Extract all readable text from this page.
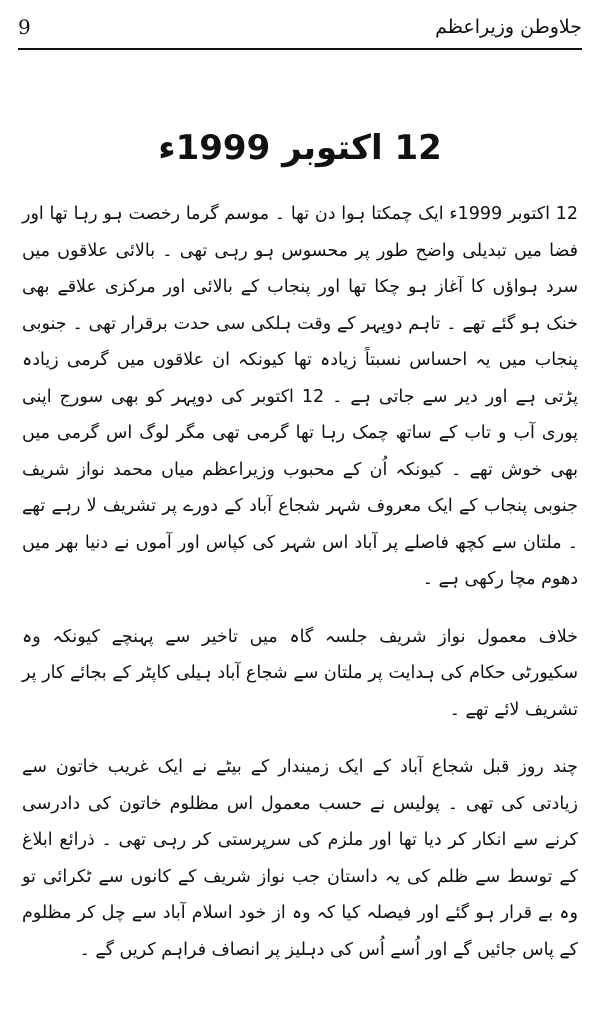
9	جلاوطن وزیراعظم
12 اکتوبر 1999ء

12 اکتوبر 1999ء ایک چمکتا ہوا دن تھا ۔ موسم گرما رخصت ہو رہا تھا اور فضا میں تبدیلی واضح طور پر محسوس ہو رہی تھی ۔ بالائی علاقوں میں سرد ہواؤں کا آغاز ہو چکا تھا اور پنجاب کے بالائی اور مرکزی علاقے بھی خنک ہو گئے تھے ۔ تاہم دوپہر کے وقت ہلکی سی حدت برقرار تھی ۔ جنوبی پنجاب میں یہ احساس نسبتاً زیادہ تھا کیونکہ ان علاقوں میں گرمی زیادہ پڑتی ہے اور دیر سے جاتی ہے ۔ 12 اکتوبر کی دوپہر کو بھی سورج اپنی پوری آب و تاب کے ساتھ چمک رہا تھا گرمی تھی مگر لوگ اس گرمی میں بھی خوش تھے ۔ کیونکہ اُن کے محبوب وزیراعظم میاں محمد نواز شریف جنوبی پنجاب کے ایک معروف شہر شجاع آباد کے دورے پر تشریف لا رہے تھے ۔ ملتان سے کچھ فاصلے پر آباد اس شہر کی کپاس اور آموں نے دنیا بھر میں دھوم مچا رکھی ہے ۔

خلاف معمول نواز شریف جلسہ گاہ میں تاخیر سے پہنچے کیونکہ وہ سکیورٹی حکام کی ہدایت پر ملتان سے شجاع آباد ہیلی کاپٹر کے بجائے کار پر تشریف لائے تھے ۔

چند روز قبل شجاع آباد کے ایک زمیندار کے بیٹے نے ایک غریب خاتون سے زیادتی کی تھی ۔ پولیس نے حسب معمول اس مظلوم خاتون کی دادرسی کرنے سے انکار کر دیا تھا اور ملزم کی سرپرستی کر رہی تھی ۔ ذرائع ابلاغ کے توسط سے ظلم کی یہ داستان جب نواز شریف کے کانوں سے ٹکرائی تو وہ بے قرار ہو گئے اور فیصلہ کیا کہ وہ از خود اسلام آباد سے چل کر مظلوم کے پاس جائیں گے اور اُسے اُس کی دہلیز پر انصاف فراہم کریں گے ۔
